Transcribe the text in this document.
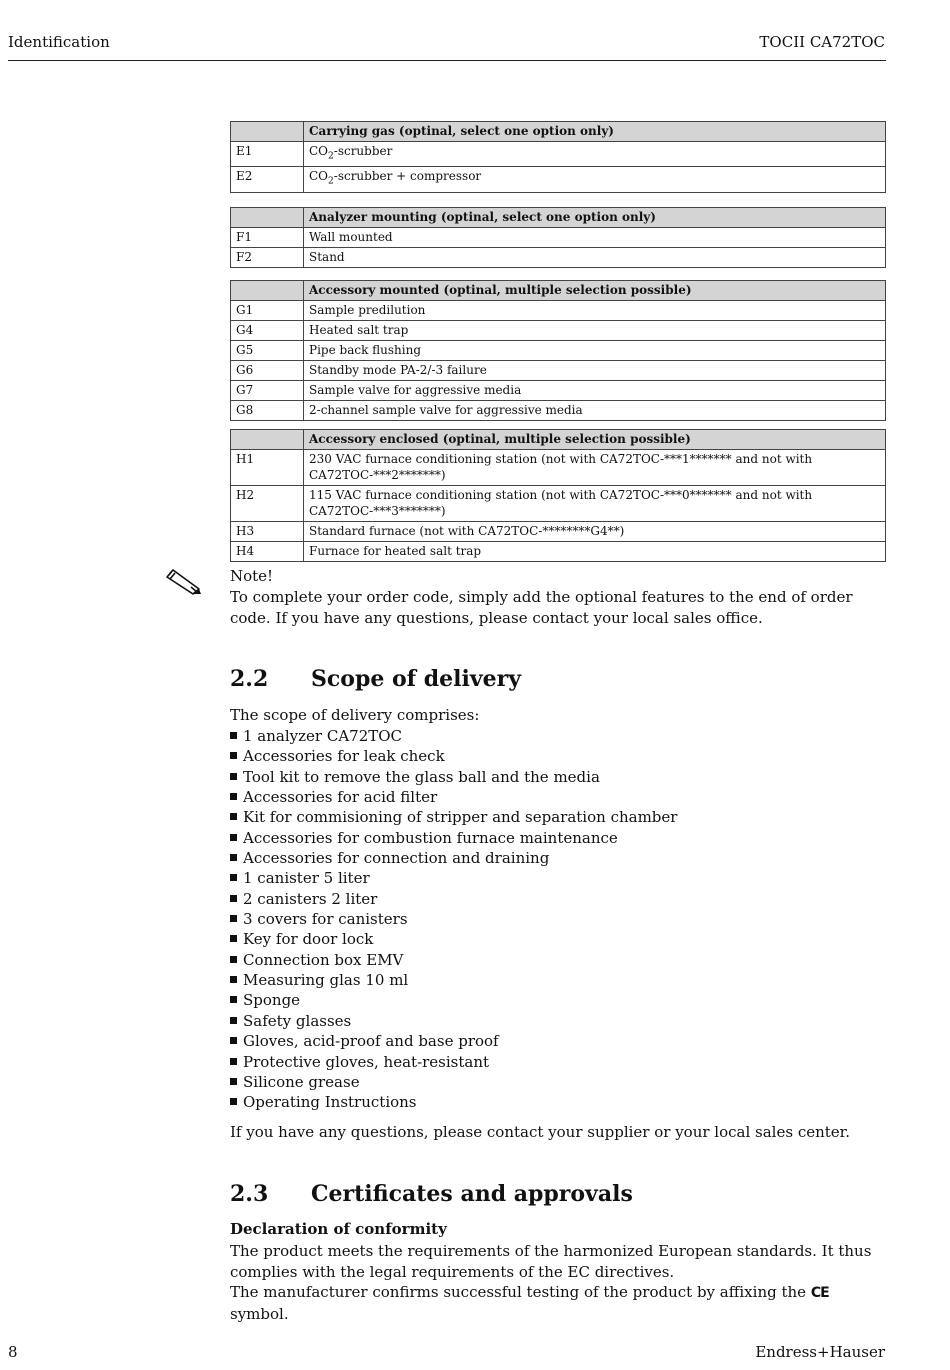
Identification	TOCII CA72TOC
	Carrying gas (optinal, select one option only)
E1	$CO_2$-scrubber
E2	$CO_2$-scrubber + compressor
	Analyzer mounting (optinal, select one option only)
F1	Wall mounted
F2	Stand
	Accessory mounted (optinal, multiple selection possible)
G1	Sample predilution
G4	Heated salt trap
G5	Pipe back flushing
G6	Standby mode PA-2/-3 failure
G7	Sample valve for aggressive media
G8	2-channel sample valve for aggressive media
	Accessory enclosed (optinal, multiple selection possible)
H1	230 VAC furnace conditioning station (not with CA72TOC-***1******* and not with CA72TOC-***2*******)
H2	115 VAC furnace conditioning station (not with CA72TOC-***0******* and not with CA72TOC-***3*******)
H3	Standard furnace (not with CA72TOC-********G4**)
H4	Furnace for heated salt trap
Note!
To complete your order code, simply add the optional features to the end of order code. If you have any questions, please contact your local sales office.
2.2 Scope of delivery
The scope of delivery comprises:
1 analyzer CA72TOC
Accessories for leak check
Tool kit to remove the glass ball and the media
Accessories for acid filter
Kit for commisioning of stripper and separation chamber
Accessories for combustion furnace maintenance
Accessories for connection and draining
1 canister 5 liter
2 canisters 2 liter
3 covers for canisters
Key for door lock
Connection box EMV
Measuring glas 10 ml
Sponge
Safety glasses
Gloves, acid-proof and base proof
Protective gloves, heat-resistant
Silicone grease
Operating Instructions
If you have any questions, please contact your supplier or your local sales center.
2.3 Certificates and approvals
Declaration of conformity
The product meets the requirements of the harmonized European standards. It thus complies with the legal requirements of the EC directives.
The manufacturer confirms successful testing of the product by affixing the CE symbol.
8	Endress+Hauser
